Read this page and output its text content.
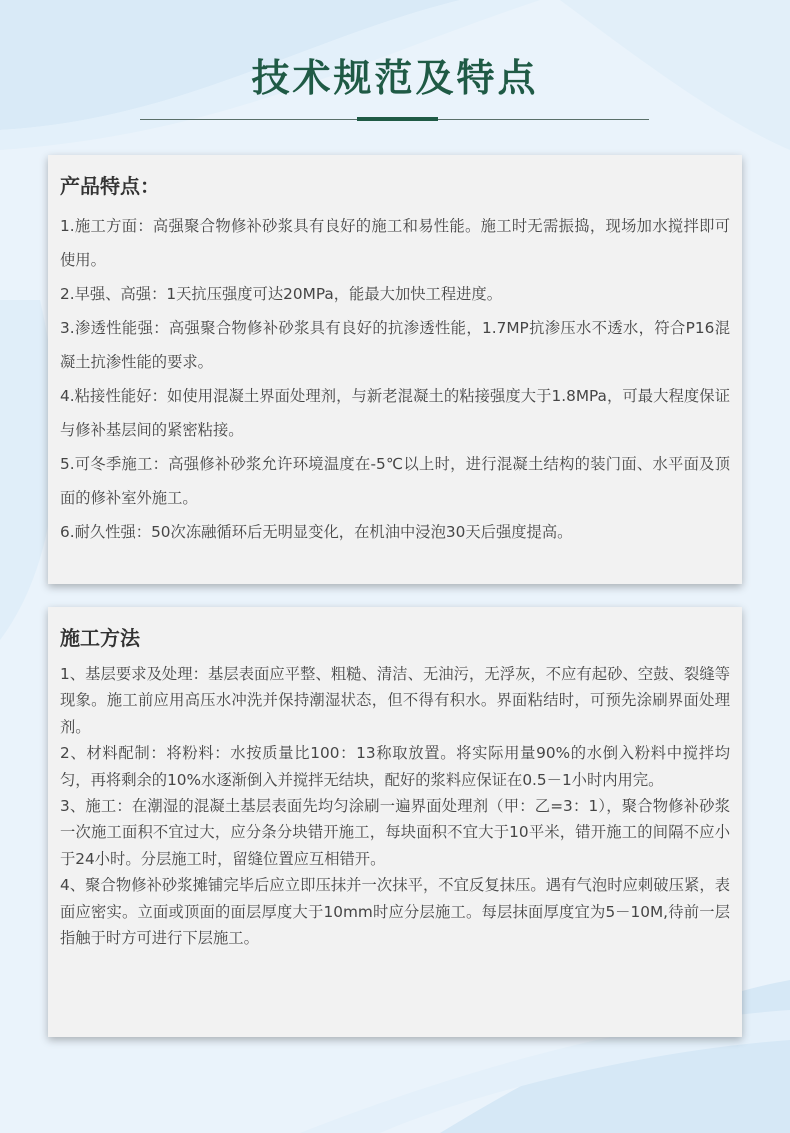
技术规范及特点
产品特点：
1.施工方面：高强聚合物修补砂浆具有良好的施工和易性能。施工时无需振捣，现场加水搅拌即可使用。
2.早强、高强：1天抗压强度可达20MPa，能最大加快工程进度。
3.渗透性能强：高强聚合物修补砂浆具有良好的抗渗透性能，1.7MP抗渗压水不透水，符合P16混凝土抗渗性能的要求。
4.粘接性能好：如使用混凝土界面处理剂，与新老混凝土的粘接强度大于1.8MPa，可最大程度保证与修补基层间的紧密粘接。
5.可冬季施工：高强修补砂浆允许环境温度在-5℃以上时，进行混凝土结构的装门面、水平面及顶面的修补室外施工。
6.耐久性强：50次冻融循环后无明显变化，在机油中浸泡30天后强度提高。
施工方法
1、基层要求及处理：基层表面应平整、粗糙、清洁、无油污，无浮灰，不应有起砂、空鼓、裂缝等现象。施工前应用高压水冲洗并保持潮湿状态，但不得有积水。界面粘结时，可预先涂刷界面处理剂。
2、材料配制：将粉料：水按质量比100：13称取放置。将实际用量90%的水倒入粉料中搅拌均匀，再将剩余的10%水逐渐倒入并搅拌无结块，配好的浆料应保证在0.5－1小时内用完。
3、施工：在潮湿的混凝土基层表面先均匀涂刷一遍界面处理剂（甲：乙=3：1），聚合物修补砂浆一次施工面积不宜过大，应分条分块错开施工，每块面积不宜大于10平米，错开施工的间隔不应小于24小时。分层施工时，留缝位置应互相错开。
4、聚合物修补砂浆摊铺完毕后应立即压抹并一次抹平，不宜反复抹压。遇有气泡时应刺破压紧，表面应密实。立面或顶面的面层厚度大于10mm时应分层施工。每层抹面厚度宜为5－10M,待前一层指触于时方可进行下层施工。
